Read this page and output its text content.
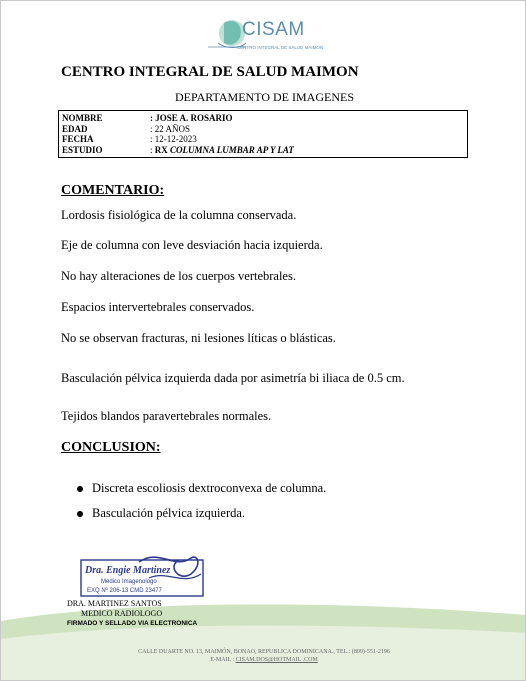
CISAM
CENTRO INTEGRAL DE SALUD MAIMON
CENTRO INTEGRAL DE SALUD MAIMON
DEPARTAMENTO DE IMAGENES
NOMBRE	: JOSE A. ROSARIO
EDAD	: 22 AÑOS
FECHA	: 12-12-2023
ESTUDIO	: RX COLUMNA LUMBAR AP Y LAT
COMENTARIO:
Lordosis fisiológica de la columna conservada.
Eje de columna con leve desviación hacia izquierda.
No hay alteraciones de los cuerpos vertebrales.
Espacios intervertebrales conservados.
No se observan fracturas, ni lesiones líticas o blásticas.
Basculación pélvica izquierda dada por asimetría bi iliaca de 0.5 cm.
Tejidos blandos paravertebrales normales.
CONCLUSION:
Discreta escoliosis dextroconvexa de columna.
Basculación pélvica izquierda.
Dra. Engie Martinez
Medico Imagenologo
EXQ Nº 206-13 CMD 23477
DRA. MARTINEZ SANTOS
MEDICO RADIOLOGO
FIRMADO Y SELLADO VIA ELECTRONICA
CALLE DUARTE NO. 13, MAIMÓN, BONAO, REPUBLICA DOMINICANA., TEL.: (809)-551-2196
E-MAIL : CISAM.DOS@HOTMAIL .COM
